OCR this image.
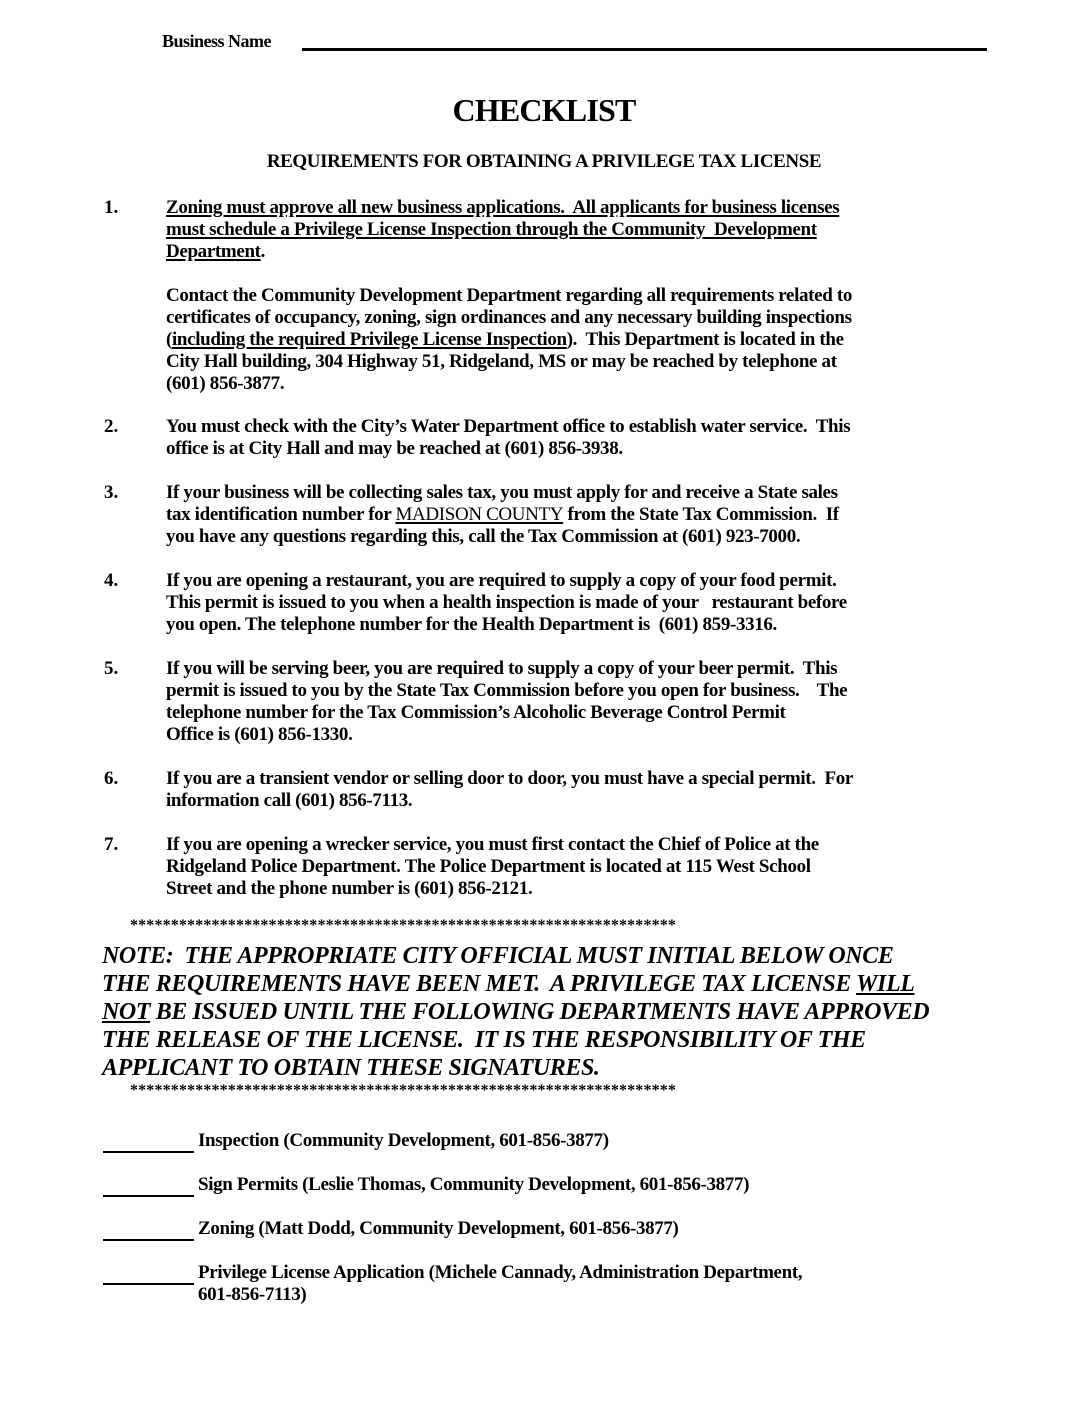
Business Name
CHECKLIST
REQUIREMENTS FOR OBTAINING A PRIVILEGE TAX LICENSE
1.	Zoning must approve all new business applications.  All applicants for business licenses
must schedule a Privilege License Inspection through the Community  Development
Department.
Contact the Community Development Department regarding all requirements related to
certificates of occupancy, zoning, sign ordinances and any necessary building inspections
(including the required Privilege License Inspection).  This Department is located in the
City Hall building, 304 Highway 51, Ridgeland, MS or may be reached by telephone at
(601) 856-3877.
2.	You must check with the City’s Water Department office to establish water service.  This
office is at City Hall and may be reached at (601) 856-3938.
3.	If your business will be collecting sales tax, you must apply for and receive a State sales
tax identification number for MADISON COUNTY from the State Tax Commission.  If
you have any questions regarding this, call the Tax Commission at (601) 923-7000.
4.	If you are opening a restaurant, you are required to supply a copy of your food permit.
This permit is issued to you when a health inspection is made of your   restaurant before
you open. The telephone number for the Health Department is  (601) 859-3316.
5.	If you will be serving beer, you are required to supply a copy of your beer permit.  This
permit is issued to you by the State Tax Commission before you open for business.    The
telephone number for the Tax Commission’s Alcoholic Beverage Control Permit
Office is (601) 856-1330.
6.	If you are a transient vendor or selling door to door, you must have a special permit.  For
information call (601) 856-7113.
7.	If you are opening a wrecker service, you must first contact the Chief of Police at the
Ridgeland Police Department. The Police Department is located at 115 West School
Street and the phone number is (601) 856-2121.
*******************************************************************
NOTE:  THE APPROPRIATE CITY OFFICIAL MUST INITIAL BELOW ONCE
THE REQUIREMENTS HAVE BEEN MET.  A PRIVILEGE TAX LICENSE WILL
NOT BE ISSUED UNTIL THE FOLLOWING DEPARTMENTS HAVE APPROVED
THE RELEASE OF THE LICENSE.  IT IS THE RESPONSIBILITY OF THE
APPLICANT TO OBTAIN THESE SIGNATURES.
*******************************************************************
Inspection (Community Development, 601-856-3877)
Sign Permits (Leslie Thomas, Community Development, 601-856-3877)
Zoning (Matt Dodd, Community Development, 601-856-3877)
Privilege License Application (Michele Cannady, Administration Department,
601-856-7113)
